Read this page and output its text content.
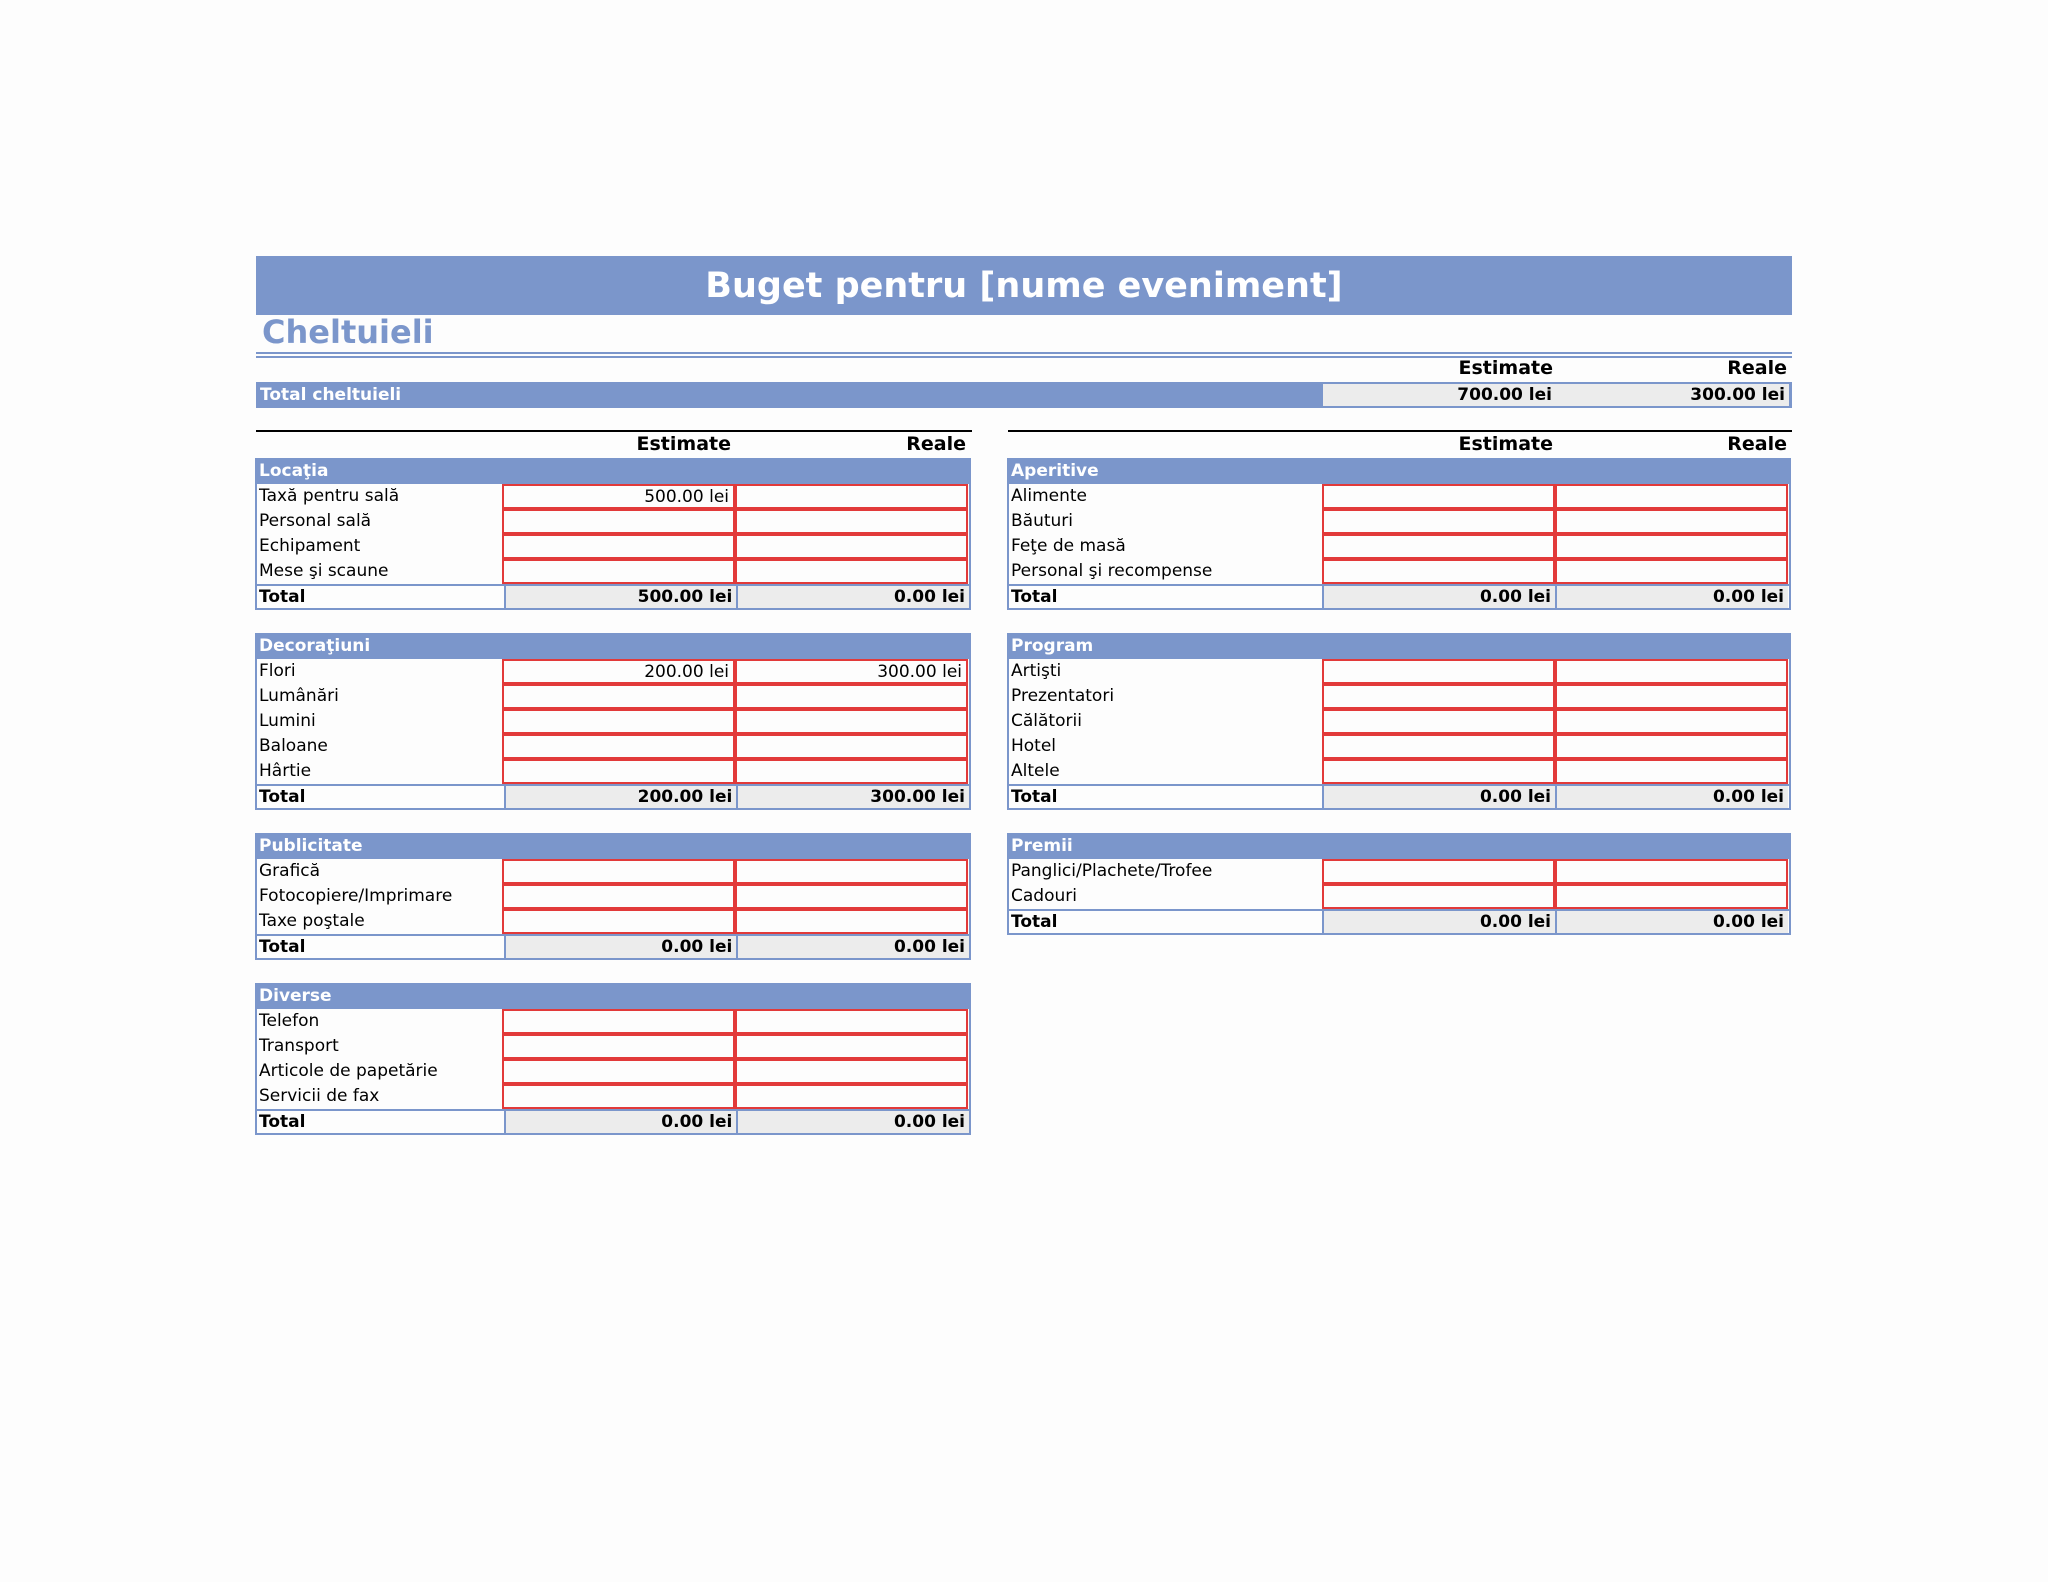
Buget pentru [nume eveniment]
Cheltuieli
Estimate	Reale
Total cheltuieli	700.00 lei	300.00 lei
Estimate	Reale	Estimate	Reale
Locaţia
Taxă pentru sală	500.00 lei
Personal sală
Echipament
Mese şi scaune
Total	500.00 lei	0.00 lei
Decoraţiuni
Flori	200.00 lei	300.00 lei
Lumânări
Lumini
Baloane
Hârtie
Total	200.00 lei	300.00 lei
Publicitate
Grafică
Fotocopiere/Imprimare
Taxe poştale
Total	0.00 lei	0.00 lei
Diverse
Telefon
Transport
Articole de papetărie
Servicii de fax
Total	0.00 lei	0.00 lei
Aperitive
Alimente
Băuturi
Feţe de masă
Personal şi recompense
Total	0.00 lei	0.00 lei
Program
Artişti
Prezentatori
Călătorii
Hotel
Altele
Total	0.00 lei	0.00 lei
Premii
Panglici/Plachete/Trofee
Cadouri
Total	0.00 lei	0.00 lei
